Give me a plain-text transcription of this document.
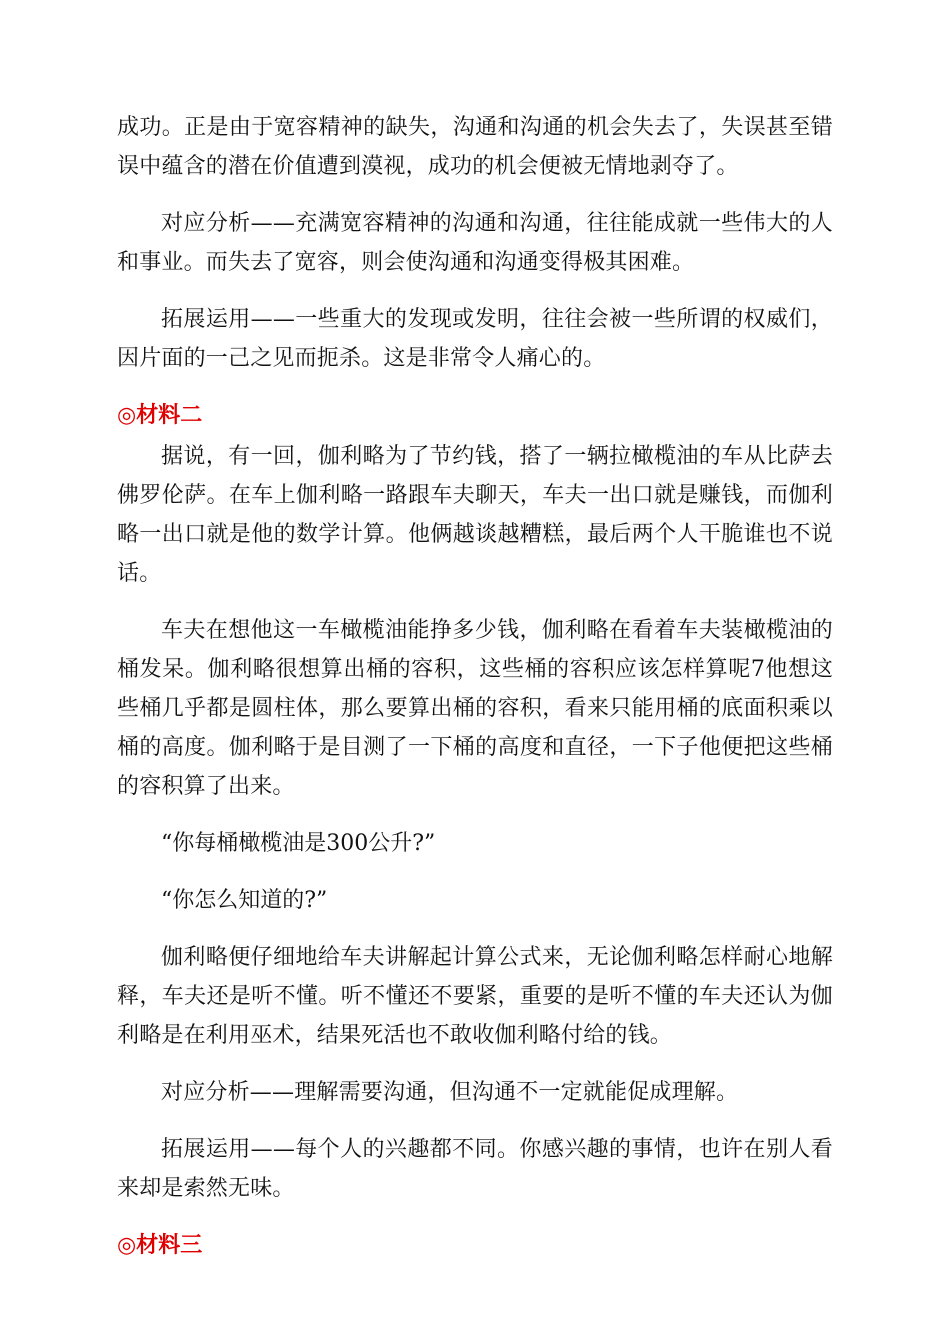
成功。正是由于宽容精神的缺失，沟通和沟通的机会失去了，失误甚至错误中蕴含的潜在价值遭到漠视，成功的机会便被无情地剥夺了。

对应分析——充满宽容精神的沟通和沟通，往往能成就一些伟大的人和事业。而失去了宽容，则会使沟通和沟通变得极其困难。

拓展运用——一些重大的发现或发明，往往会被一些所谓的权威们，因片面的一己之见而扼杀。这是非常令人痛心的。

◎材料二

据说，有一回，伽利略为了节约钱，搭了一辆拉橄榄油的车从比萨去佛罗伦萨。在车上伽利略一路跟车夫聊天，车夫一出口就是赚钱，而伽利略一出口就是他的数学计算。他俩越谈越糟糕，最后两个人干脆谁也不说话。

车夫在想他这一车橄榄油能挣多少钱，伽利略在看着车夫装橄榄油的桶发呆。伽利略很想算出桶的容积，这些桶的容积应该怎样算呢7他想这些桶几乎都是圆柱体，那么要算出桶的容积，看来只能用桶的底面积乘以桶的高度。伽利略于是目测了一下桶的高度和直径，一下子他便把这些桶的容积算了出来。

“你每桶橄榄油是300公升?”

“你怎么知道的?”

伽利略便仔细地给车夫讲解起计算公式来，无论伽利略怎样耐心地解释，车夫还是听不懂。听不懂还不要紧，重要的是听不懂的车夫还认为伽利略是在利用巫术，结果死活也不敢收伽利略付给的钱。

对应分析——理解需要沟通，但沟通不一定就能促成理解。

拓展运用——每个人的兴趣都不同。你感兴趣的事情，也许在别人看来却是索然无味。

◎材料三
